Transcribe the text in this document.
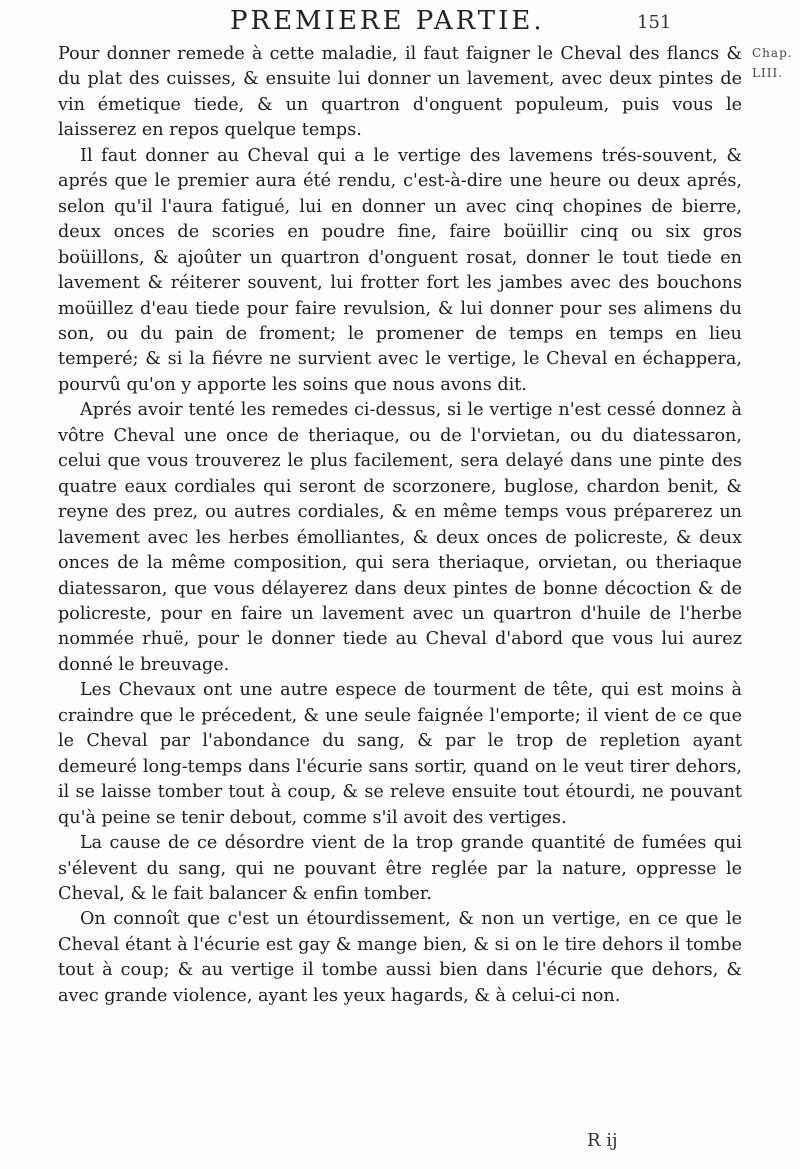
PREMIERE PARTIE.	151
Chap.
LIII.

Pour donner remede à cette maladie, il faut faigner le Cheval des flancs & du plat des cuisses, & ensuite lui donner un lavement, avec deux pintes de vin émetique tiede, & un quartron d'onguent populeum, puis vous le laisserez en repos quelque temps.

Il faut donner au Cheval qui a le vertige des lavemens trés-souvent, & aprés que le premier aura été rendu, c'est-à-dire une heure ou deux aprés, selon qu'il l'aura fatigué, lui en donner un avec cinq chopines de bierre, deux onces de scories en poudre fine, faire boüillir cinq ou six gros boüillons, & ajoûter un quartron d'onguent rosat, donner le tout tiede en lavement & réiterer souvent, lui frotter fort les jambes avec des bouchons moüillez d'eau tiede pour faire revulsion, & lui donner pour ses alimens du son, ou du pain de froment; le promener de temps en temps en lieu temperé; & si la fiévre ne survient avec le vertige, le Cheval en échappera, pourvû qu'on y apporte les soins que nous avons dit.

Aprés avoir tenté les remedes ci-dessus, si le vertige n'est cessé donnez à vôtre Cheval une once de theriaque, ou de l'orvietan, ou du diatessaron, celui que vous trouverez le plus facilement, sera delayé dans une pinte des quatre eaux cordiales qui seront de scorzonere, buglose, chardon benit, & reyne des prez, ou autres cordiales, & en même temps vous préparerez un lavement avec les herbes émolliantes, & deux onces de policreste, & deux onces de la même composition, qui sera theriaque, orvietan, ou theriaque diatessaron, que vous délayerez dans deux pintes de bonne décoction & de policreste, pour en faire un lavement avec un quartron d'huile de l'herbe nommée rhuë, pour le donner tiede au Cheval d'abord que vous lui aurez donné le breuvage.

Les Chevaux ont une autre espece de tourment de tête, qui est moins à craindre que le précedent, & une seule faignée l'emporte; il vient de ce que le Cheval par l'abondance du sang, & par le trop de repletion ayant demeuré long-temps dans l'écurie sans sortir, quand on le veut tirer dehors, il se laisse tomber tout à coup, & se releve ensuite tout étourdi, ne pouvant qu'à peine se tenir debout, comme s'il avoit des vertiges.

La cause de ce désordre vient de la trop grande quantité de fumées qui s'élevent du sang, qui ne pouvant être reglée par la nature, oppresse le Cheval, & le fait balancer & enfin tomber.

On connoît que c'est un étourdissement, & non un vertige, en ce que le Cheval étant à l'écurie est gay & mange bien, & si on le tire dehors il tombe tout à coup; & au vertige il tombe aussi bien dans l'écurie que dehors, & avec grande violence, ayant les yeux hagards, & à celui-ci non.

R ij
